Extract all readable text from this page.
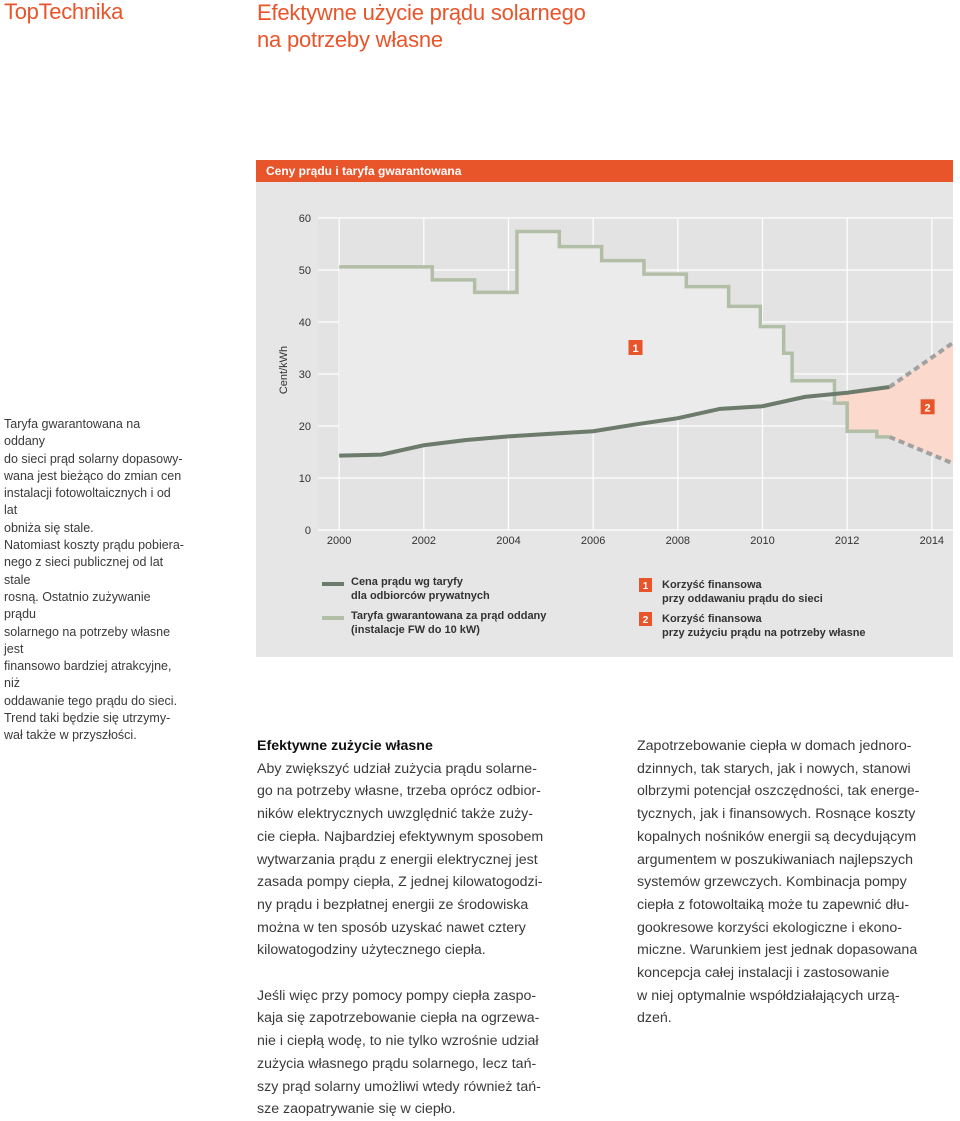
TopTechnika	Efektywne użycie prądu solarnego
na potrzeby własne

Taryfa gwarantowana na oddany

do sieci prąd solarny dopasowy-

wana jest bieżąco do zmian cen

instalacji fotowoltaicznych i od lat

obniża się stale.

Natomiast koszty prądu pobiera-

nego z sieci publicznej od lat stale

rosną. Ostatnio zużywanie prądu

solarnego na potrzeby własne jest

finansowo bardziej atrakcyjne, niż

oddawanie tego prądu do sieci.

Trend taki będzie się utrzymy-

wał także w przyszłości.

Ceny prądu i taryfa gwarantowana
0
10
20
30
40
50
60
2000	2002	2004	2006	2008	2010	2012	2014
Cent/kWh	1
2
Cena prądu wg taryfy
dla odbiorców prywatnych
Taryfa gwarantowana za prąd oddany
(instalacje FW do 10 kW)
1 Korzyść finansowa
przy oddawaniu prądu do sieci
2 Korzyść finansowa
przy zużyciu prądu na potrzeby własne

Efektywne zużycie własne

Aby zwiększyć udział zużycia prądu solarne-

go na potrzeby własne, trzeba oprócz odbior-

ników elektrycznych uwzględnić także zuży-

cie ciepła. Najbardziej efektywnym sposobem

wytwarzania prądu z energii elektrycznej jest

zasada pompy ciepła, Z jednej kilowatogodzi-

ny prądu i bezpłatnej energii ze środowiska

można w ten sposób uzyskać nawet cztery

kilowatogodziny użytecznego ciepła.

Jeśli więc przy pomocy pompy ciepła zaspo-

kaja się zapotrzebowanie ciepła na ogrzewa-

nie i ciepłą wodę, to nie tylko wzrośnie udział

zużycia własnego prądu solarnego, lecz tań-

szy prąd solarny umożliwi wtedy również tań-

sze zaopatrywanie się w ciepło.

Zapotrzebowanie ciepła w domach jednoro-

dzinnych, tak starych, jak i nowych, stanowi

olbrzymi potencjał oszczędności, tak energe-

tycznych, jak i finansowych. Rosnące koszty

kopalnych nośników energii są decydującym

argumentem w poszukiwaniach najlepszych

systemów grzewczych. Kombinacja pompy

ciepła z fotowoltaiką może tu zapewnić dłu-

gookresowe korzyści ekologiczne i ekono-

miczne. Warunkiem jest jednak dopasowana

koncepcja całej instalacji i zastosowanie

w niej optymalnie współdziałających urzą-

dzeń.
